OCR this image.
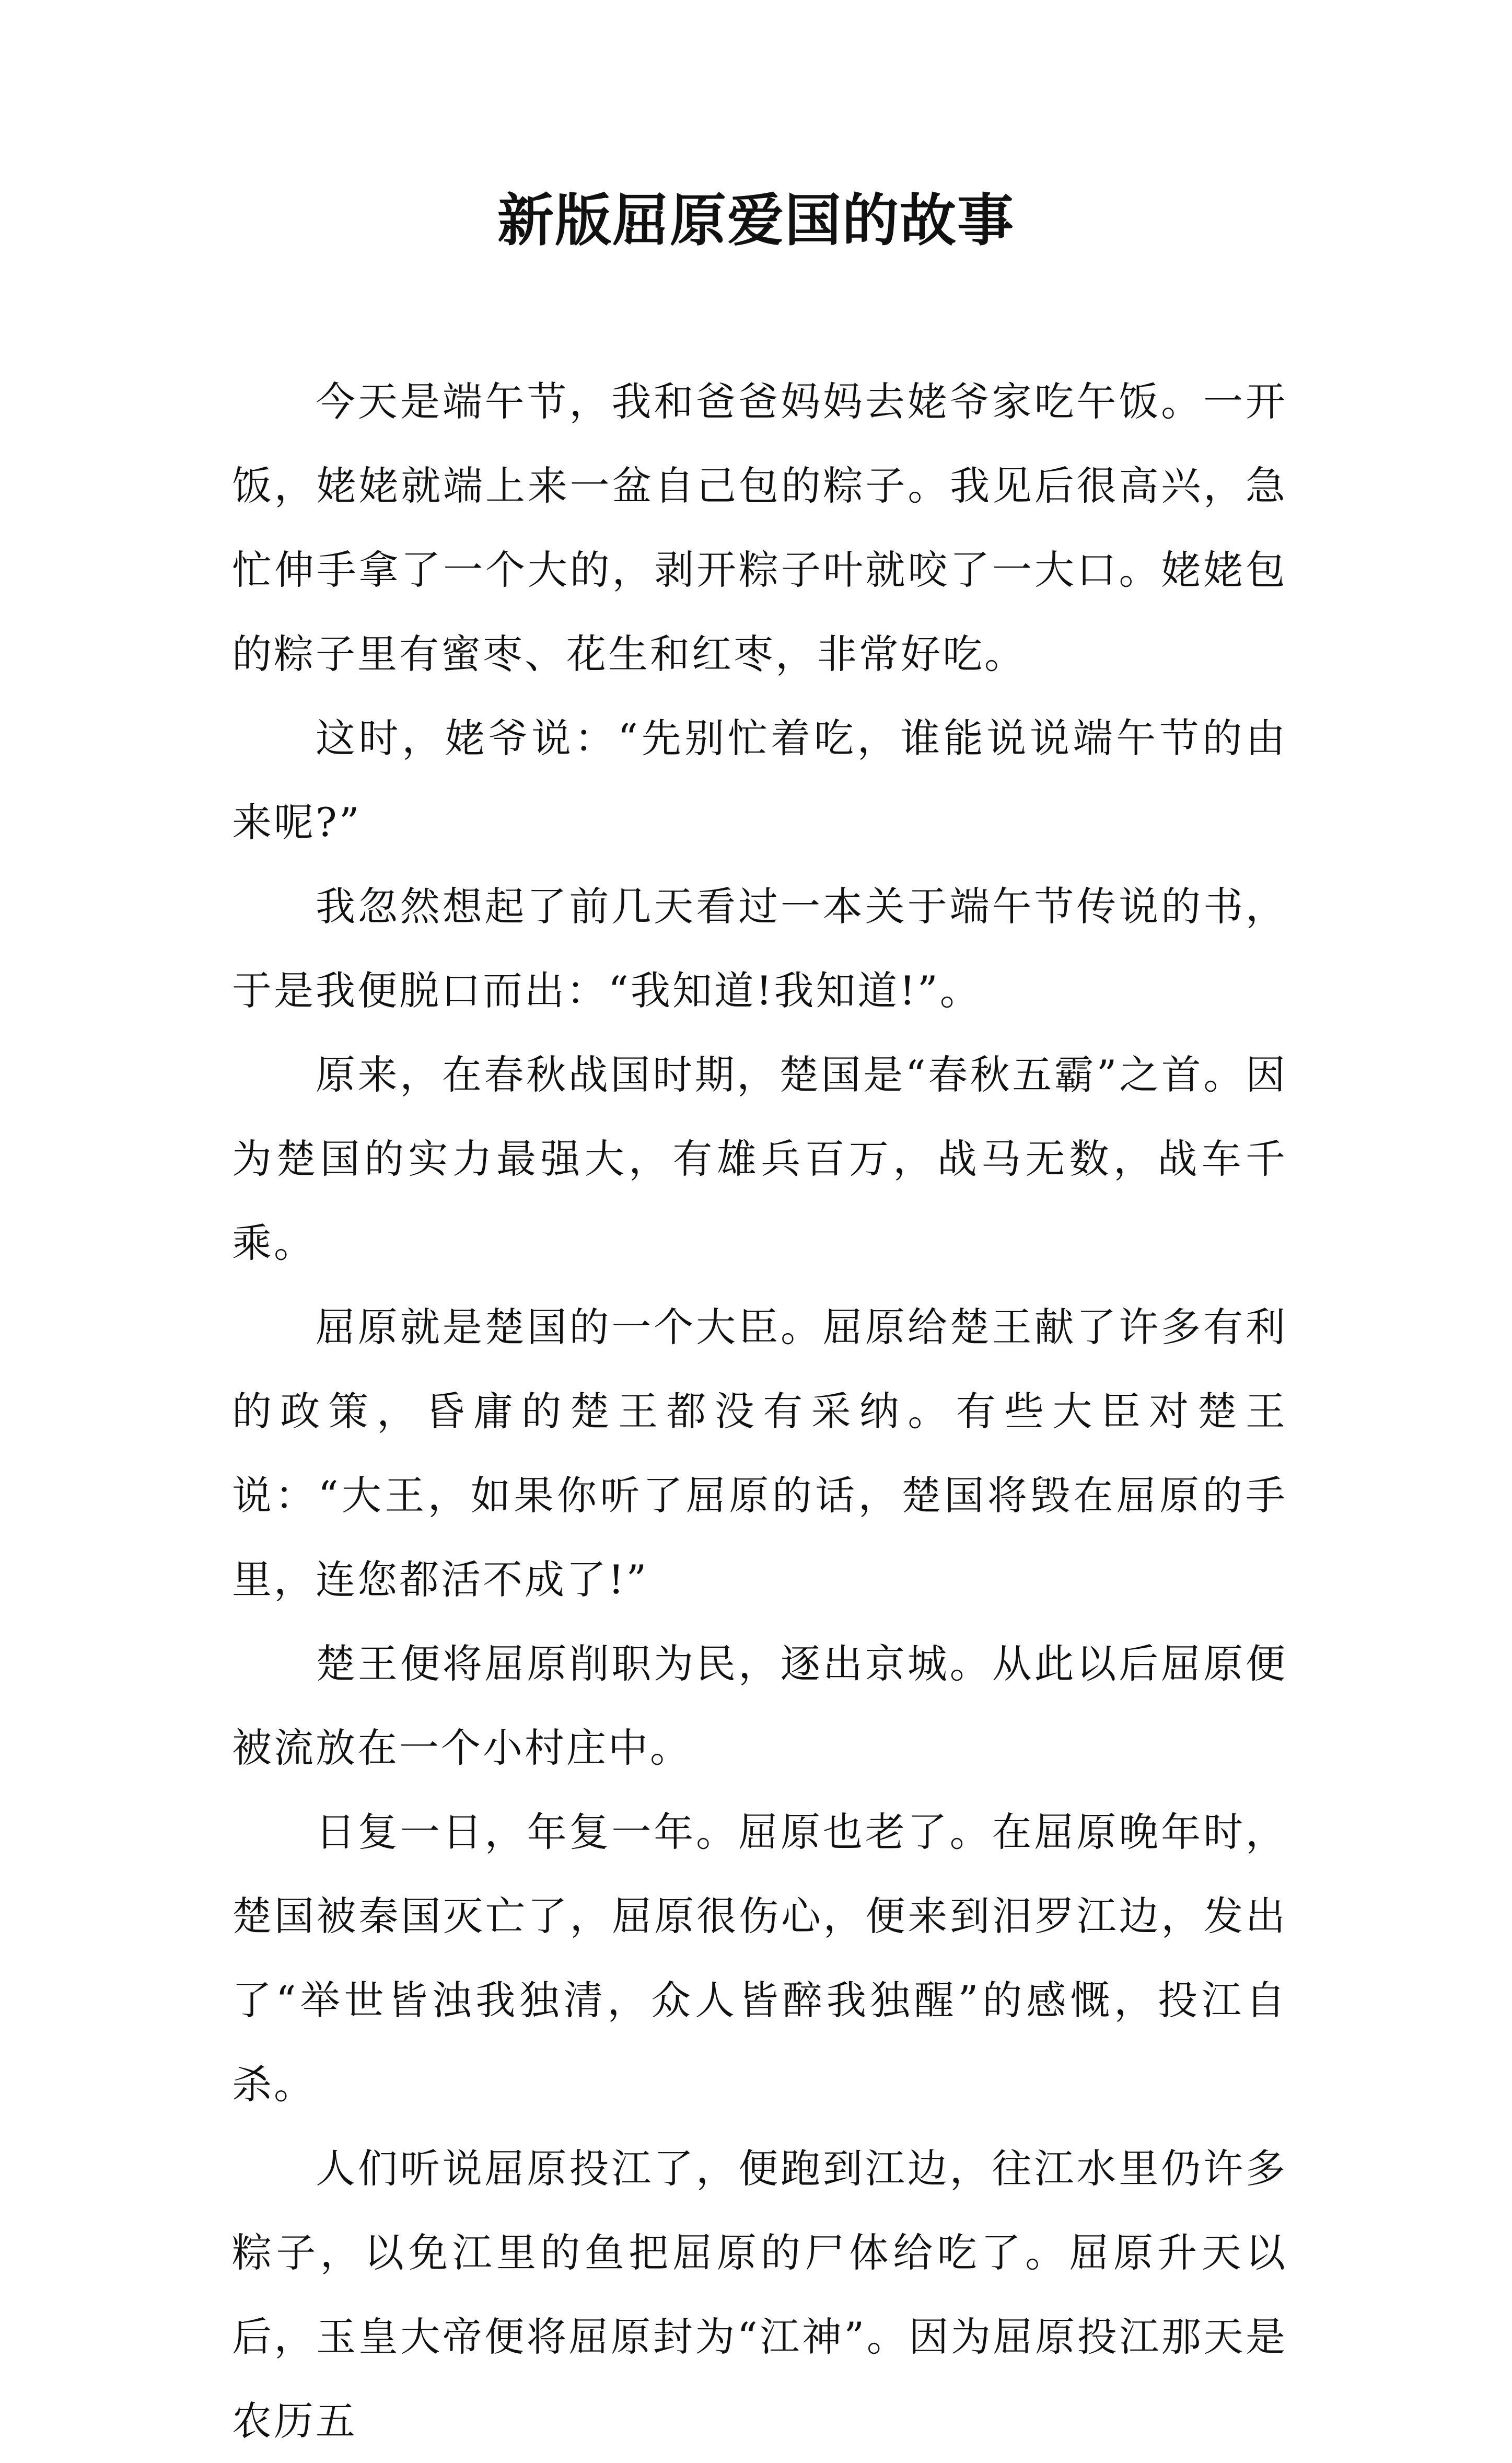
新版屈原爱国的故事

今天是端午节，我和爸爸妈妈去姥爷家吃午饭。一开饭，姥姥就端上来一盆自己包的粽子。我见后很高兴，急忙伸手拿了一个大的，剥开粽子叶就咬了一大口。姥姥包的粽子里有蜜枣、花生和红枣，非常好吃。

这时，姥爷说：“先别忙着吃，谁能说说端午节的由来呢?”

我忽然想起了前几天看过一本关于端午节传说的书，于是我便脱口而出：“我知道!我知道!”。

原来，在春秋战国时期，楚国是“春秋五霸”之首。因为楚国的实力最强大，有雄兵百万，战马无数，战车千乘。

屈原就是楚国的一个大臣。屈原给楚王献了许多有利的政策，昏庸的楚王都没有采纳。有些大臣对楚王说：“大王，如果你听了屈原的话，楚国将毁在屈原的手里，连您都活不成了!”

楚王便将屈原削职为民，逐出京城。从此以后屈原便被流放在一个小村庄中。

日复一日，年复一年。屈原也老了。在屈原晚年时，楚国被秦国灭亡了，屈原很伤心，便来到汨罗江边，发出了“举世皆浊我独清，众人皆醉我独醒”的感慨，投江自杀。

人们听说屈原投江了，便跑到江边，往江水里仍许多粽子，以免江里的鱼把屈原的尸体给吃了。屈原升天以后，玉皇大帝便将屈原封为“江神”。因为屈原投江那天是农历五
